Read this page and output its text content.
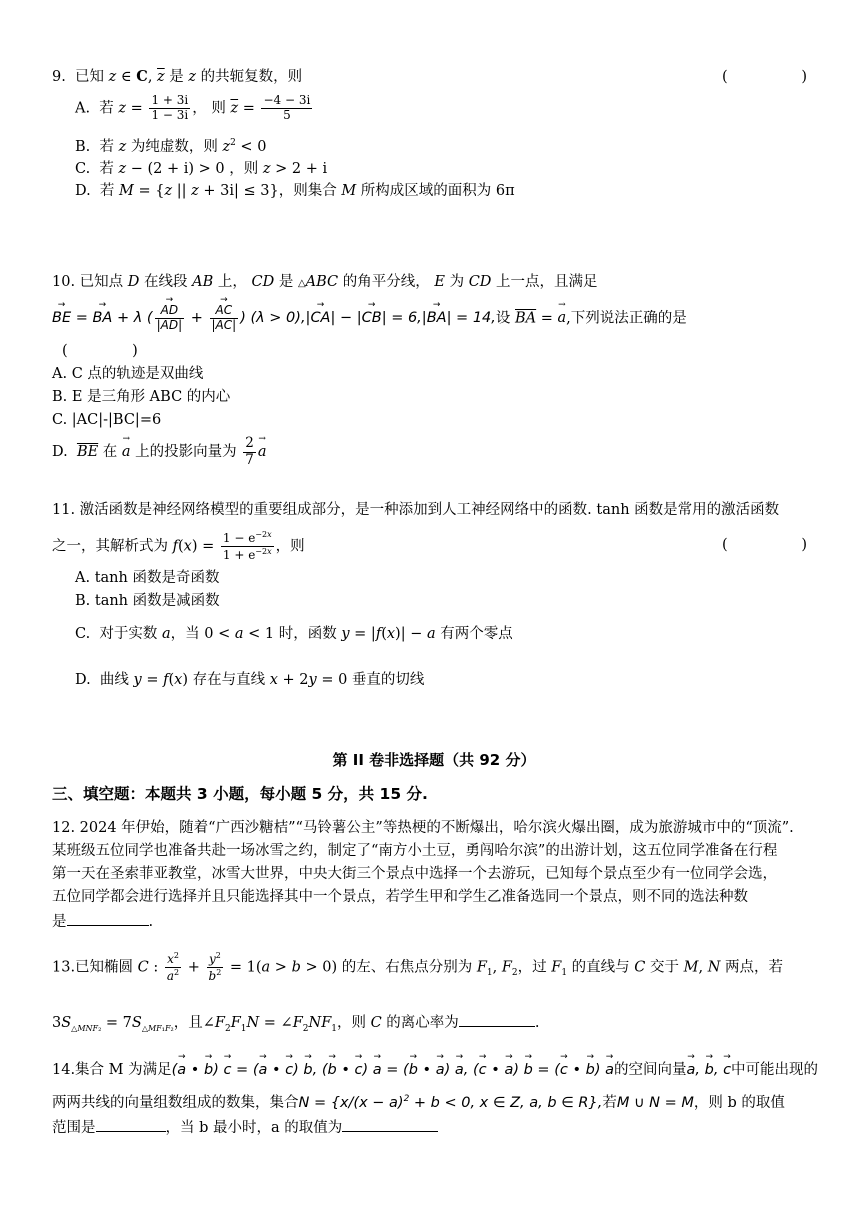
9.  已知 z ∈ C, $\overline{z}$ 是 z 的共轭复数，则	(                )
A.  若 $z = \frac{1 + 3i}{1 - 3i}$ ， 则 $\overline{z} = \frac{-4 - 3i}{5}$
B.  若 z 为纯虚数，则 $z^2 < 0$
C.  若 z − (2 + i) > 0 ，则 z > 2 + i
D.  若 M = {z || z + 3i| ≤ 3}，则集合 M 所构成区域的面积为 6π
10. 已知点 D 在线段 AB 上， CD 是 △ABC 的角平分线， E 为 CD 上一点，且满足
→ BE = → BA + λ ( → $\frac{AD}{|AD|}$ + → $\frac{AC}{|AC|}$ ) (λ > 0),|→ CA| − |→ CB| = 6,|→ BA| = 14,设 $\overline{BA}$ = → a,下列说法正确的是
(              )
A. C 点的轨迹是双曲线
B. E 是三角形 ABC 的内心
C. |AC|-|BC|=6
D.  $\overline{BE}$ 在 → a 上的投影向量为 $\frac{2}{7} \to a$
11. 激活函数是神经网络模型的重要组成部分，是一种添加到人工神经网络中的函数. tanh 函数是常用的激活函数
之一，其解析式为 $f(x) = \frac{1 - e^{-2x}}{1 + e^{-2x}}$ ，则	(                )
A. tanh 函数是奇函数
B. tanh 函数是减函数
C.  对于实数 a，当 0 < a < 1 时，函数 y = |f(x)| − a 有两个零点
D.  曲线 y = f(x) 存在与直线 x + 2y = 0 垂直的切线
第 II 卷非选择题（共 92 分）
三、填空题：本题共 3 小题，每小题 5 分，共 15 分.
12. 2024 年伊始，随着“广西沙糖桔”“马铃薯公主”等热梗的不断爆出，哈尔滨火爆出圈，成为旅游城市中的“顶流”.
某班级五位同学也准备共赴一场冰雪之约，制定了“南方小土豆，勇闯哈尔滨”的出游计划，这五位同学准备在行程
第一天在圣索菲亚教堂，冰雪大世界，中央大街三个景点中选择一个去游玩，已知每个景点至少有一位同学会选，
五位同学都会进行选择并且只能选择其中一个景点，若学生甲和学生乙准备选同一个景点，则不同的选法种数
是	.
13.已知椭圆 C : $\frac{x^2}{a^2} + \frac{y^2}{b^2} = 1(a > b > 0)$ 的左、右焦点分别为 $F_1$, $F_2$，过 $F_1$ 的直线与 C 交于 M, N 两点，若
$3S_{\triangle MNF_2} = 7S_{\triangle MF_1F_2}$，且$\angle F_2F_1N$ = $\angle F_2NF_1$，则 C 的离心率为	.
14.集合 M 为满足(→ a • → b) → c = (→ a • → c) → b, (→ b • → c) → a = (→ b • → a) → a, (→ c • → a) → b = (→ c • → b) → a的空间向量→ a, → b, → c中可能出现的
两两共线的向量组数组成的数集，集合$N = \{x/(x - a)^2 + b < 0$, x ∈ Z, a, b ∈ R},若M ∪ N = M，则 b 的取值
范围是	，当 b 最小时，a 的取值为
